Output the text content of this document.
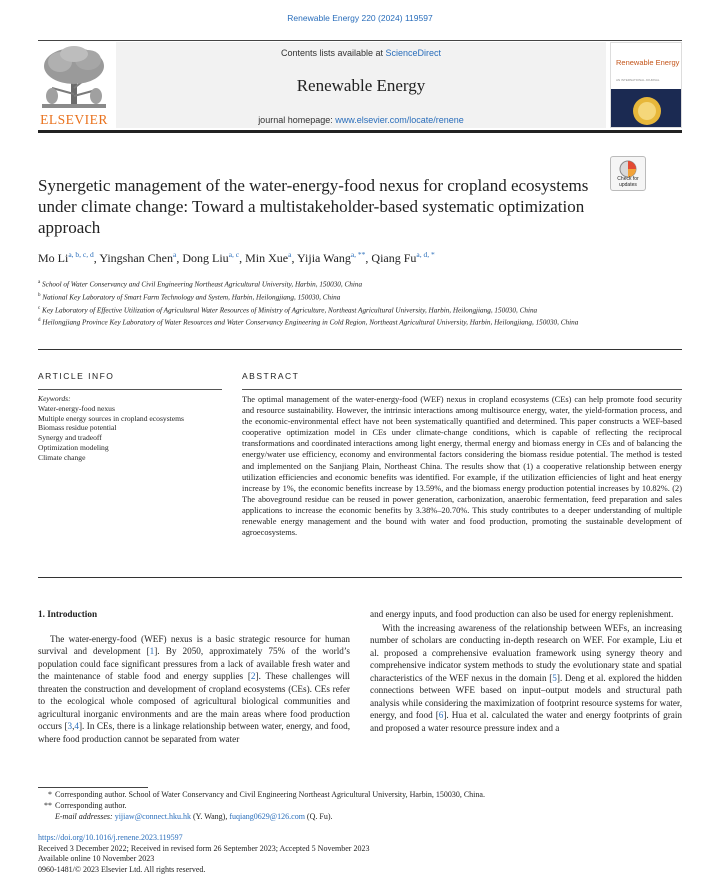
Renewable Energy 220 (2024) 119597
ELSEVIER
Contents lists available at ScienceDirect
Renewable Energy
journal homepage: www.elsevier.com/locate/renene
Renewable Energy
AN INTERNATIONAL JOURNAL
Check for updates
Synergetic management of the water-energy-food nexus for cropland ecosystems under climate change: Toward a multistakeholder-based systematic optimization approach
Mo Li$^{a, b, c, d}$, Yingshan Chen$^a$, Dong Liu$^{a, c}$, Min Xue$^a$, Yijia Wang$^{a, **}$, Qiang $Fu^{a, d, *}$
$^a$ School of Water Conservancy and Civil Engineering Northeast Agricultural University, Harbin, 150030, China
$^b$ National Key Laboratory of Smart Farm Technology and System, Harbin, Heilongjiang, 150030, China
$^c$ Key Laboratory of Effective Utilization of Agricultural Water Resources of Ministry of Agriculture, Northeast Agricultural University, Harbin, Heilongjiang, 150030, China
$^d$ Heilongjiang Province Key Laboratory of Water Resources and Water Conservancy Engineering in Cold Region, Northeast Agricultural University, Harbin, Heilongjiang, 150030, China
ARTICLE INFO
Keywords:
Water-energy-food nexus
Multiple energy sources in cropland ecosystems
Biomass residue potential
Synergy and tradeoff
Optimization modeling
Climate change
ABSTRACT
The optimal management of the water-energy-food (WEF) nexus in cropland ecosystems (CEs) can help promote food security and resource sustainability. However, the intrinsic interactions among multisource energy, water, the yield-formation process, and the economic-environmental effect have not been systematically quantified and determined. This paper constructs a WEF-based cooperative optimization model in CEs under climate-change conditions, which is capable of reflecting the reciprocal transformations and coordinated interactions among light energy, thermal energy and biomass energy in CEs and of balancing the energy/water use efficiency, economy and environmental factors considering the biomass residue potential. The method is tested and implemented on the Sanjiang Plain, Northeast China. The results show that (1) a cooperative relationship between energy utilization efficiencies and economic benefits was identified. For example, if the utilization efficiencies of light and heat energy increase by 1%, the economic benefits increase by 13.59%, and the biomass energy production potential increases by 10.82%. (2) The aboveground residue can be reused in power generation, carbonization, anaerobic fermentation, feed preparation and sales applications to increase the economic benefits by 3.38%–20.70%. This study contributes to a deeper understanding of multiple renewable energy management and the bound with water and food production, promoting the sustainable development of agroecosystems.
1. Introduction
The water-energy-food (WEF) nexus is a basic strategic resource for human survival and development [1]. By 2050, approximately 75% of the world’s population could face significant pressures from a lack of available fresh water and the maintenance of stable food and energy supplies [2]. These challenges will threaten the construction and development of cropland ecosystems (CEs). CEs refer to the ecological whole composed of agricultural biological communities and agricultural inorganic environments and are the main areas where food production occurs [3,4]. In CEs, there is a linkage relationship between water, energy, and food, where food production cannot be separated from water
and energy inputs, and food production can also be used for energy replenishment.
With the increasing awareness of the relationship between WEFs, an increasing number of scholars are conducting in-depth research on WEF. For example, Liu et al. proposed a comprehensive evaluation framework using synergy theory and comprehensive indicator system methods to study the evolutionary state and spatial characteristics of the WEF nexus in the domain [5]. Deng et al. explored the hidden connections between WFE based on input–output models and structural path analysis while considering the maximization of footprint resource systems for water, energy, and food [6]. Hua et al. calculated the water and energy footprints of grain and proposed a water resource pressure index and a
* Corresponding author. School of Water Conservancy and Civil Engineering Northeast Agricultural University, Harbin, 150030, China.
** Corresponding author.
E-mail addresses: yijiaw@connect.hku.hk (Y. Wang), fuqiang0629@126.com (Q. Fu).
https://doi.org/10.1016/j.renene.2023.119597
Received 3 December 2022; Received in revised form 26 September 2023; Accepted 5 November 2023
Available online 10 November 2023
0960-1481/© 2023 Elsevier Ltd. All rights reserved.
